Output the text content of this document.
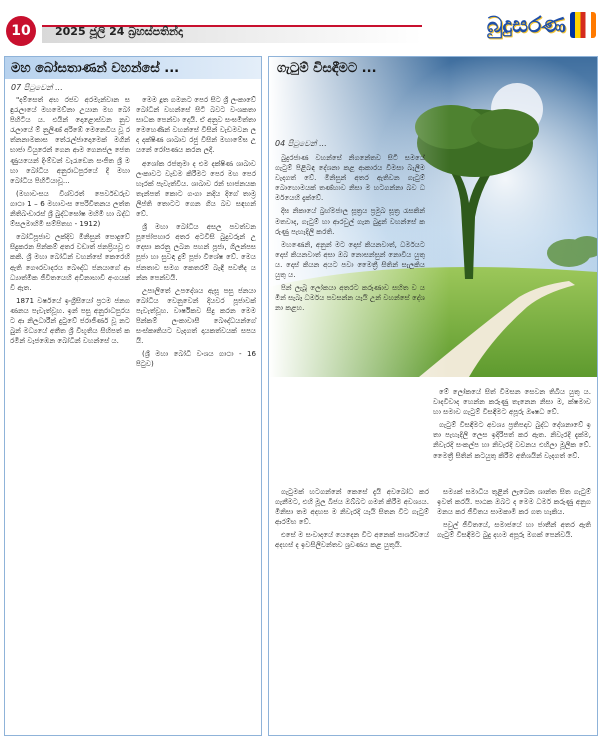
10 2025 ජූලි 24 බ්‍රහස්පතින්දා	බුදුසරණ
මහ බෝසතාණන් වහන්සේ ...
07 පිටුවෙන් ...

"දම්සෙත් අභ රජව අරමැන්වාන සඳුරැලායේ මහමෙව්නා උයාන මහ බෝ පිහිටිය ය. එයින් දොළොස්වන නුවරැලායේ ම් නුලිණ් අරිඹේ මෙනෙවිය වූ රත්නනාමකාස තේරැල්ජාදොමෙක් මගින් භාජා වියුරෙන් ගෙන ආම ගෙනජල ජෙතණුයයෙන් දිංම්වන් වැරැඩෙන සංජිත ශ්‍රී මහා බෝධිය අනුරාධපුරයේ දී මහා බෝධිය පිහිටියාවූ...

(මහාවංසය විශ්වරත් පෙර්වඩරුව ගාථා 1 – 6 මහාවංස පෙරිවිතනය ලත්ත නිතිබංඩාරස් ශ්‍රී බුද්ධඝෝෂ මහිමි හා බද්ධම්සලමාහිමි සම්පිතහ - 1912)

බෝධිපූජාව ලක්දිව මිනිසුන් පොදුවේ සිදුකරන පින්කම් අතර වඩාත් ජනප්‍රියවූ එකකි. ශ්‍රී මහා බෝධීන් වහන්සේ කෙරෙහි ඇති ගෞරවාදරය බෞද්ධ ජනයාගේ ආධ්‍යාත්මික ජීවිතයෙහි අවිනාභාවී අංගයක් වී ඇත.

1871 වර්ෂයේ ඉංග්‍රීසියෝ ප්‍රථම ජනගණනය පැවැත්වූහ. ඉන් පසු අනුරාධපුරයට ආ නිලධාරීන් දුටුවේ ජරාජීර්ණ වූ නටබුන් මධ්‍යයේ අතීත ශ්‍රී විභූතිය සිහිපත් කරමින් වැජඹෙන බෝධීන් වහන්සේ ය.

මෙම දූත ගමනට පෙර සිට ශ්‍රී ලංකාවේ බෝධීන් වහන්සේ සිටි බවට වංශකතා සාධක පෙන්වා දෙයි. ඒ අනුව සංඝමිත්තා මෙහෙණින් වහන්සේ විසින් වැඩමවන ලද දක්ෂිණ ශාඛාව රජු විසින් මහාමේඝ උයනේ රෝපණය කරන ලදී.

අශෝක රජතුමා ද එම දක්ෂිණ ශාඛාව ලංකාවට වැඩම කිරීමට පෙර මහ පෙරහැරක් පැවැත්වීය. ශාඛාව රන් භාජනයක තැන්පත් කොට ගංගා නදිය දිගේ තාම්‍රලිප්ති තොටට ගෙන ගිය බව සඳහන් වේ.

ශ්‍රී මහා බෝධිය අසල පවත්වන පූජෝපහාර අතර අටවිසි බුදුවරුන් උදෙසා කරනු ලබන පහන් පූජා, ගිලන්පස පූජා හා සුවඳ දුම් පූජා විශේෂ වේ. මෙය ජනතාව සමග කෙතරම් බැඳී පවතීද යන්න පෙන්වයි.

උපාලිතේ උපදේශය ඇසූ පසු ජනයා බෝධිය වෙනුවෙන් දියවර පූජාවක් පැවැත්වූහ. වාර්ෂිකව සිදු කරන මෙම පින්කම් ලංකාවාසී බෞද්ධයන්ගේ සංස්කෘතියට වැදගත් දායකත්වයක් සපයයි.

(ශ්‍රී මහා බෝධි වංශය ගාථා - 16 පිටුව)

ගැටුම් විසඳීමට ...
04 පිටුවෙන් ...

බුදුරජාණ වහන්සේ නිගනේතව සිටි සමයේ ගැටුම් පිළිබඳ දේශනා කළ ආකාරය විමසා බැලීම වැදගත් වේ. මිනිසුන් අතර ඇතිවන ගැටුම් බොහොමයක් තණ්හාව නිසා ම හටගන්නා බව ධර්මයෙහි දැක්වේ.

දීඝ නිකායේ බ්‍රහ්මජාල සූත්‍රය ප්‍රමුඛ සූත්‍ර රැසකින් මතවාද, ගැටුම් හා ආරවුල් ගැන බුදුන් වහන්සේ කරුණු පැහැදිලි කරති.

මහණෙනි, අනුන් මට දොස් කියනවාත්, ධර්මයට දොස් කියනවාත් අසා ඔබ නොසන්සුන් නොවිය යුතු ය. දොස් කියන අයට පවා මෛත්‍රී සිතින් සැලකිය යුතු ය.

පින් ලැබූ ලෝකයා අතරට කරුණාව සහිත ව යමින් සැබෑ ධර්මය පවසන්න යැයි උන් වහන්සේ දේශනා කළහ.

මේ ලෝකයේ සිත් විමසන සෙවන තිබිය යුතු ය. වාදවිවාද හෙන්න කරුණු තැනෙන නිසා ම, ක්ෂමාව හා සමාව ගැටුම් විසඳීමට අපූරු ඖෂධ වේ.

ගැටුම් විසඳීමට අවශ්‍ය ප්‍රතිපදාව බුද්ධ දේශනාවේ ඉතා පැහැදිලි ලෙස ඉදිරිපත් කර ඇත. නිවැරදි දැක්ම, නිවැරදි සංකල්ප හා නිවැරදි වචනය එහිලා මූලික වේ. මෛත්‍රී සිතින් කටයුතු කිරීම අතිශයින් වැදගත් වේ.

ගැටුමක් හටගන්නේ කෙසේ දැයි අවබෝධ කර ගැනීමට, එහි මූල බීජය ඔබ්බට ගමන් කිරීම අවශ්‍යය. මිනිසා තම අදහස ම නිවැරදි යැයි සිතන විට ගැටුම් ආරම්භ වේ.

එසේ ම සංවාදයේ යෙදෙන විට අනෙක් පාර්ශ්වයේ අදහස් ද ඉවසිලිවන්තව ශ්‍රවණය කළ යුතුයි.

සම්‍යක් සමාධිය තුළින් ලැබෙන ශාන්ත සිත ගැටුම් ඉවත් කරයි. පාඨක ඔබට ද මෙම ධර්ම කරුණු අනුගමනය කර ජීවිතය සාමකාමී කර ගත හැකිය.

පවුල් ජීවිතයේ, සමාජයේ හා ජාතීන් අතර ඇති ගැටුම් විසඳීමට බුදු දහම අපූරු මගක් පෙන්වයි.
